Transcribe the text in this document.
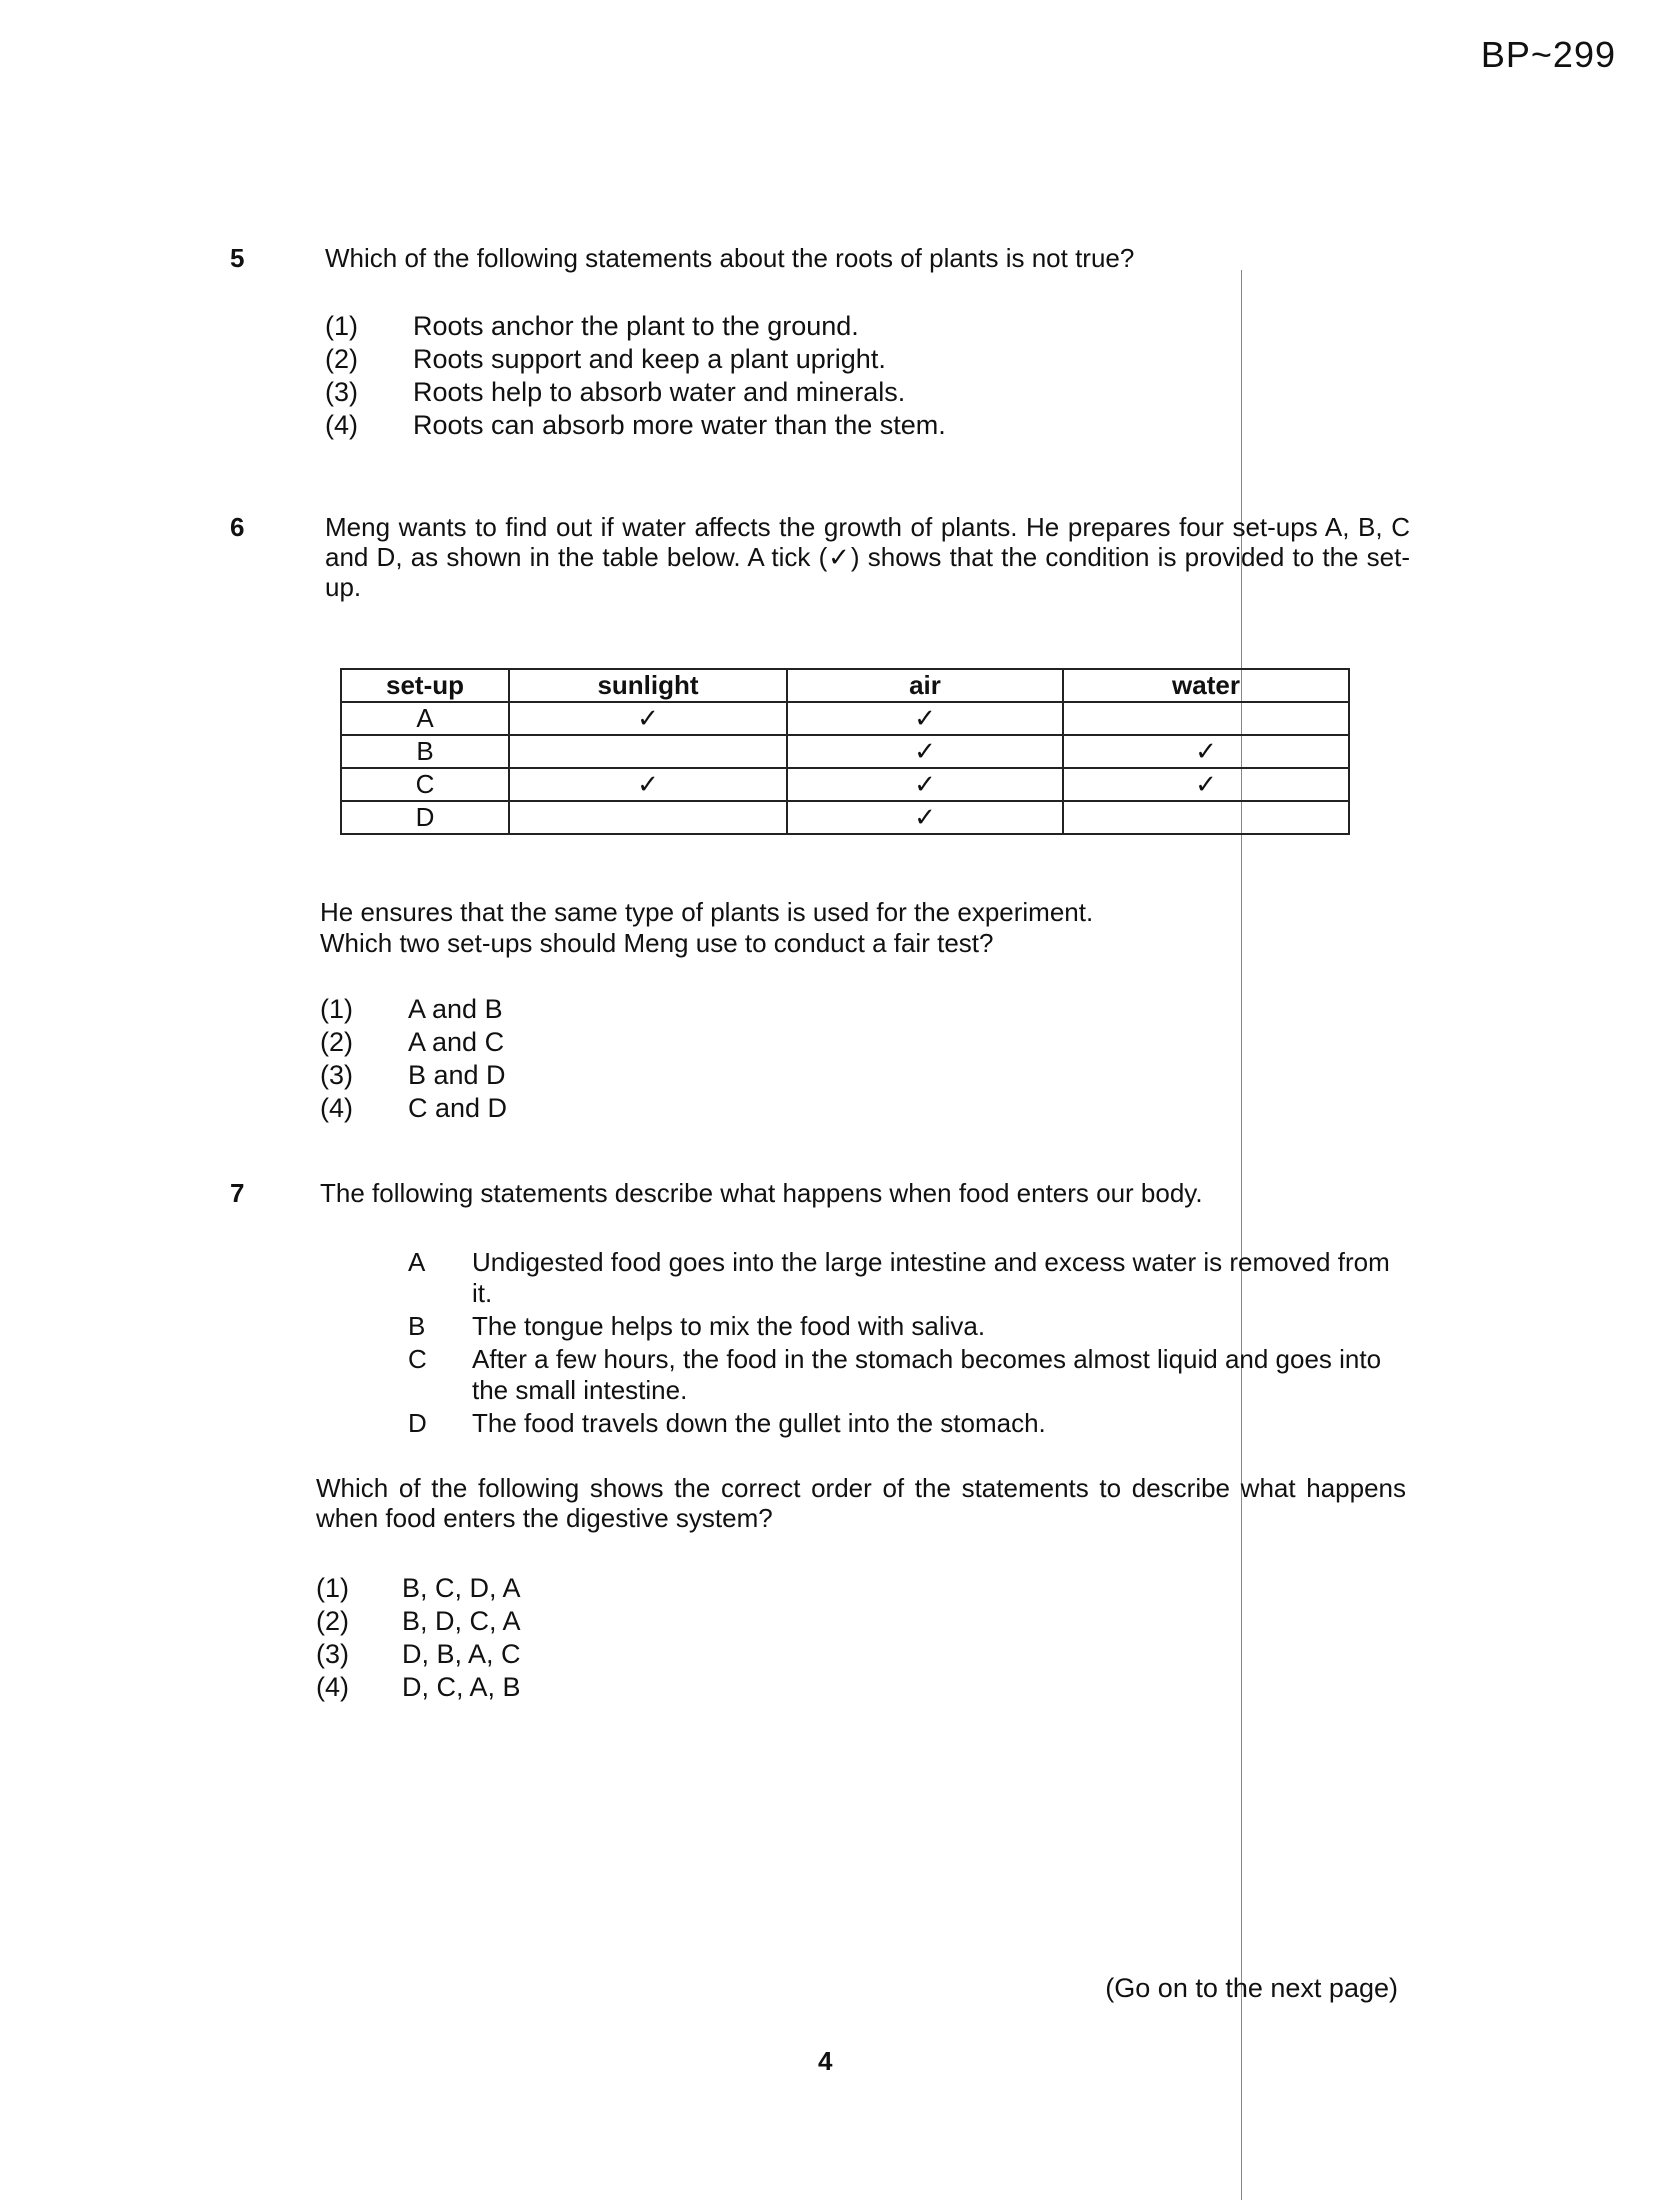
BP~299
5	Which of the following statements about the roots of plants is not true?
(1)	Roots anchor the plant to the ground.
(2)	Roots support and keep a plant upright.
(3)	Roots help to absorb water and minerals.
(4)	Roots can absorb more water than the stem.
6	Meng wants to find out if water affects the growth of plants. He prepares four set-ups A, B, C and D, as shown in the table below. A tick (✓) shows that the condition is provided to the set-up.
set-up	sunlight	air	water
A	✓	✓	
B		✓	✓
C	✓	✓	✓
D		✓	
He ensures that the same type of plants is used for the experiment.
Which two set-ups should Meng use to conduct a fair test?
(1)	A and B
(2)	A and C
(3)	B and D
(4)	C and D
7	The following statements describe what happens when food enters our body.
A	Undigested food goes into the large intestine and excess water is removed from it.
B	The tongue helps to mix the food with saliva.
C	After a few hours, the food in the stomach becomes almost liquid and goes into the small intestine.
D	The food travels down the gullet into the stomach.
Which of the following shows the correct order of the statements to describe what happens when food enters the digestive system?
(1)	B, C, D, A
(2)	B, D, C, A
(3)	D, B, A, C
(4)	D, C, A, B
(Go on to the next page)
4
